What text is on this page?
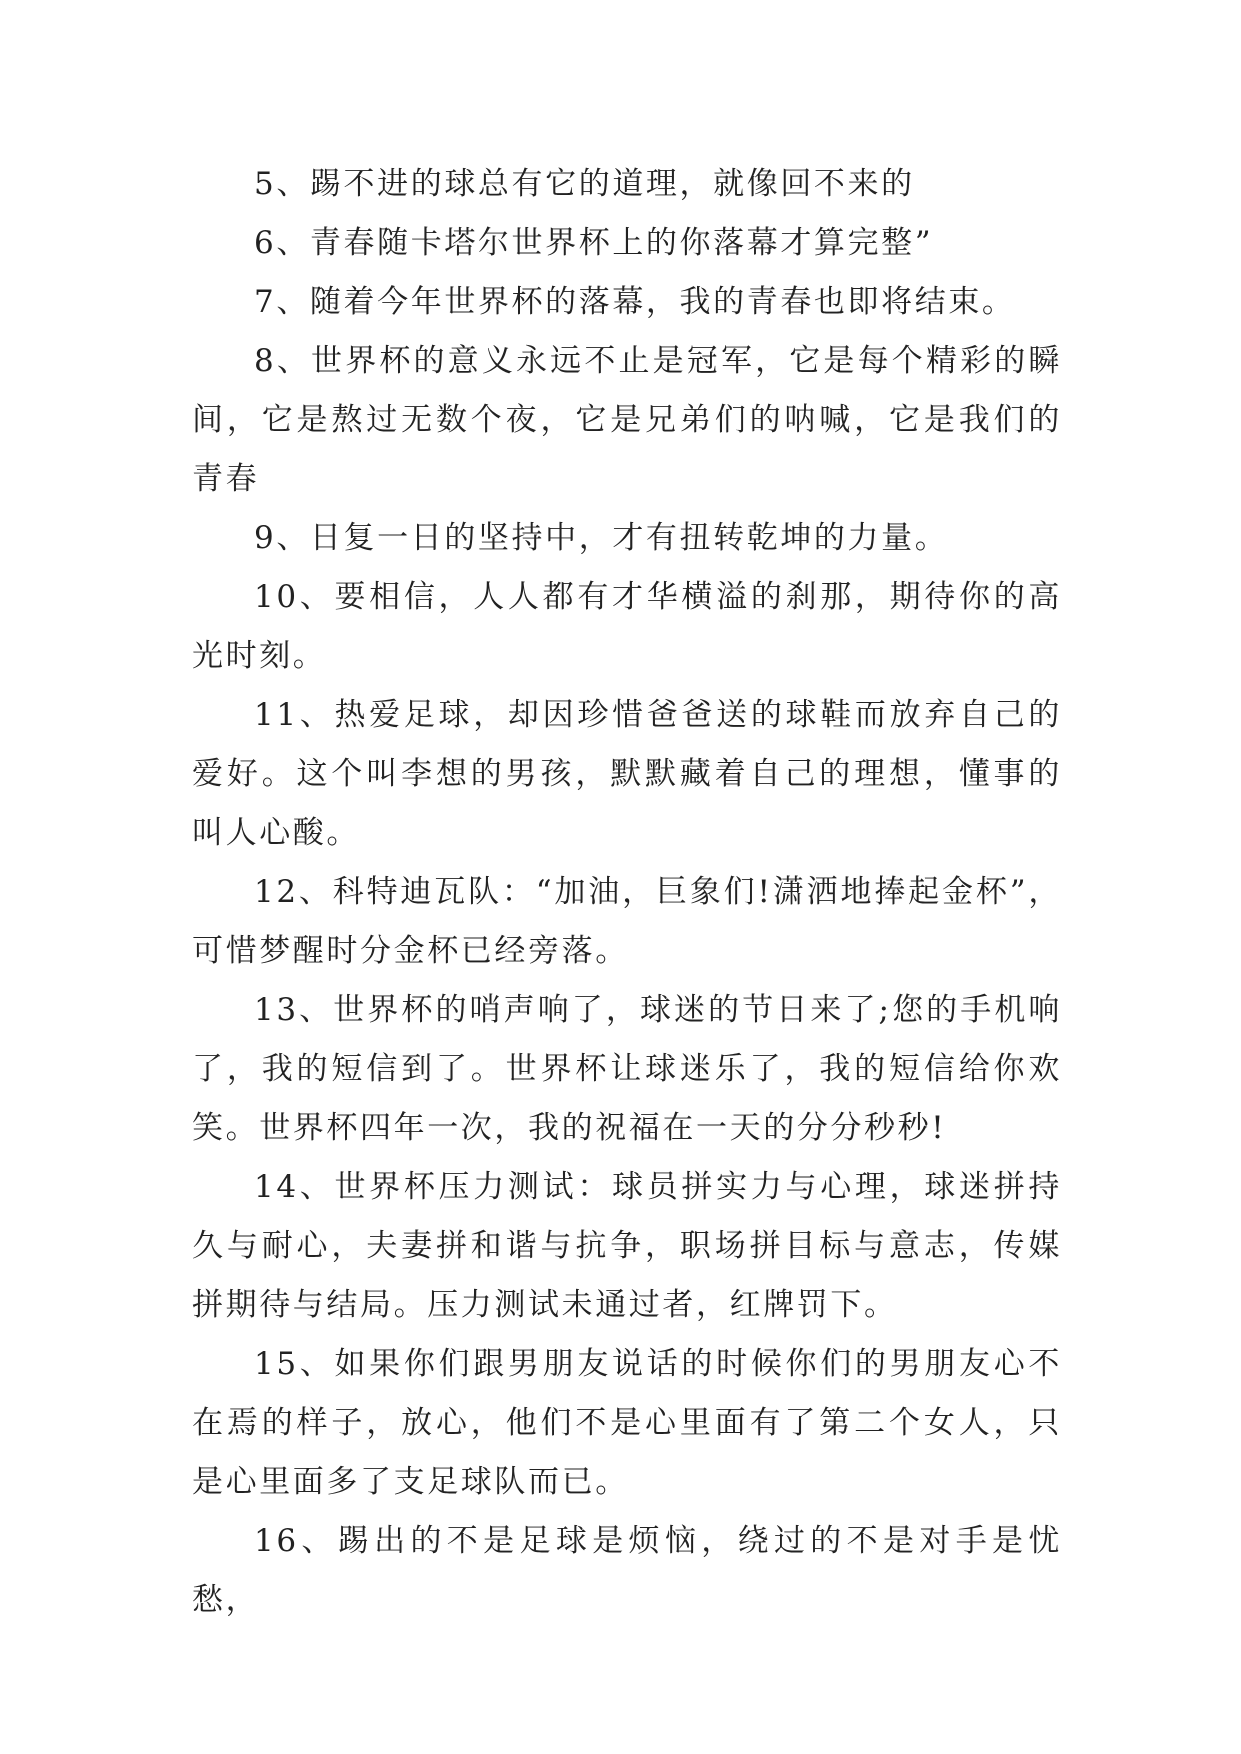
5、踢不进的球总有它的道理，就像回不来的

6、青春随卡塔尔世界杯上的你落幕才算完整”

7、随着今年世界杯的落幕，我的青春也即将结束。

8、世界杯的意义永远不止是冠军，它是每个精彩的瞬间，它是熬过无数个夜，它是兄弟们的呐喊，它是我们的青春

9、日复一日的坚持中，才有扭转乾坤的力量。

10、要相信，人人都有才华横溢的刹那，期待你的高光时刻。

11、热爱足球，却因珍惜爸爸送的球鞋而放弃自己的爱好。这个叫李想的男孩，默默藏着自己的理想，懂事的叫人心酸。

12、科特迪瓦队：“加油，巨象们!潇洒地捧起金杯”，可惜梦醒时分金杯已经旁落。

13、世界杯的哨声响了，球迷的节日来了;您的手机响了，我的短信到了。世界杯让球迷乐了，我的短信给你欢笑。世界杯四年一次，我的祝福在一天的分分秒秒!

14、世界杯压力测试：球员拼实力与心理，球迷拼持久与耐心，夫妻拼和谐与抗争，职场拼目标与意志，传媒拼期待与结局。压力测试未通过者，红牌罚下。

15、如果你们跟男朋友说话的时候你们的男朋友心不在焉的样子，放心，他们不是心里面有了第二个女人，只是心里面多了支足球队而已。

16、踢出的不是足球是烦恼，绕过的不是对手是忧愁，
